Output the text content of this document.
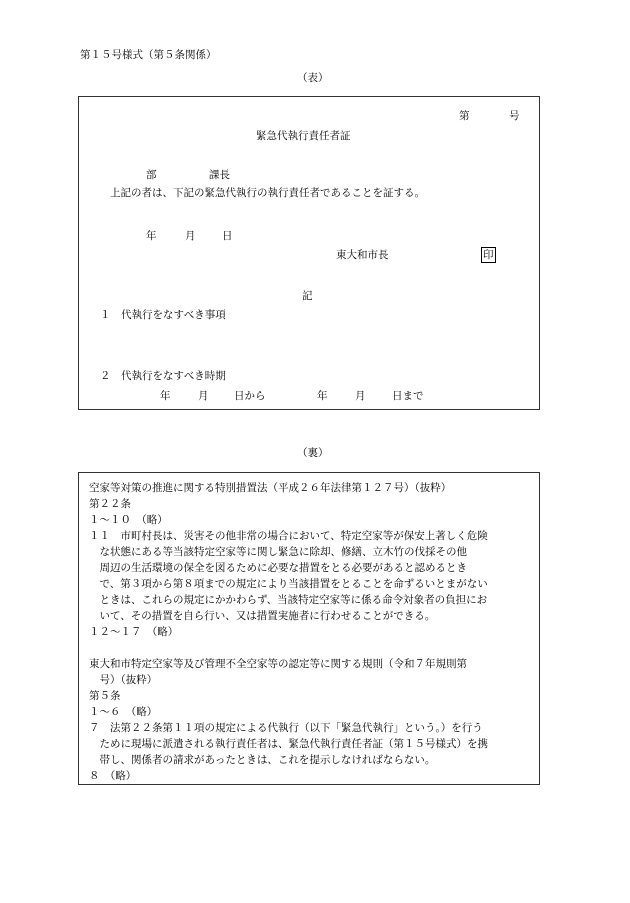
第１５号様式（第５条関係）
（表）
第	号
緊急代執行責任者証
部	課長
上記の者は、下記の緊急代執行の執行責任者であることを証する。
年	月	日
東大和市長	印
記
１　代執行をなすべき事項
２　代執行をなすべき時期
年	月 日から	年	月	日まで
（裏）
空家等対策の推進に関する特別措置法（平成２６年法律第１２７号）（抜粋）
第２２条
１～１０　（略）
１１　市町村長は、災害その他非常の場合において、特定空家等が保安上著しく危険
　な状態にある等当該特定空家等に関し緊急に除却、修繕、立木竹の伐採その他
　周辺の生活環境の保全を図るために必要な措置をとる必要があると認めるとき
　で、第３項から第８項までの規定により当該措置をとることを命ずるいとまがない
　ときは、これらの規定にかかわらず、当該特定空家等に係る命令対象者の負担にお
　いて、その措置を自ら行い、又は措置実施者に行わせることができる。
１２～１７　（略）
東大和市特定空家等及び管理不全空家等の認定等に関する規則（令和７年規則第
　号）（抜粋）
第５条
１～６　（略）
７　法第２２条第１１項の規定による代執行（以下「緊急代執行」という。）を行う
　ために現場に派遣される執行責任者は、緊急代執行責任者証（第１５号様式）を携
　帯し、関係者の請求があったときは、これを提示しなければならない。
８　（略）
